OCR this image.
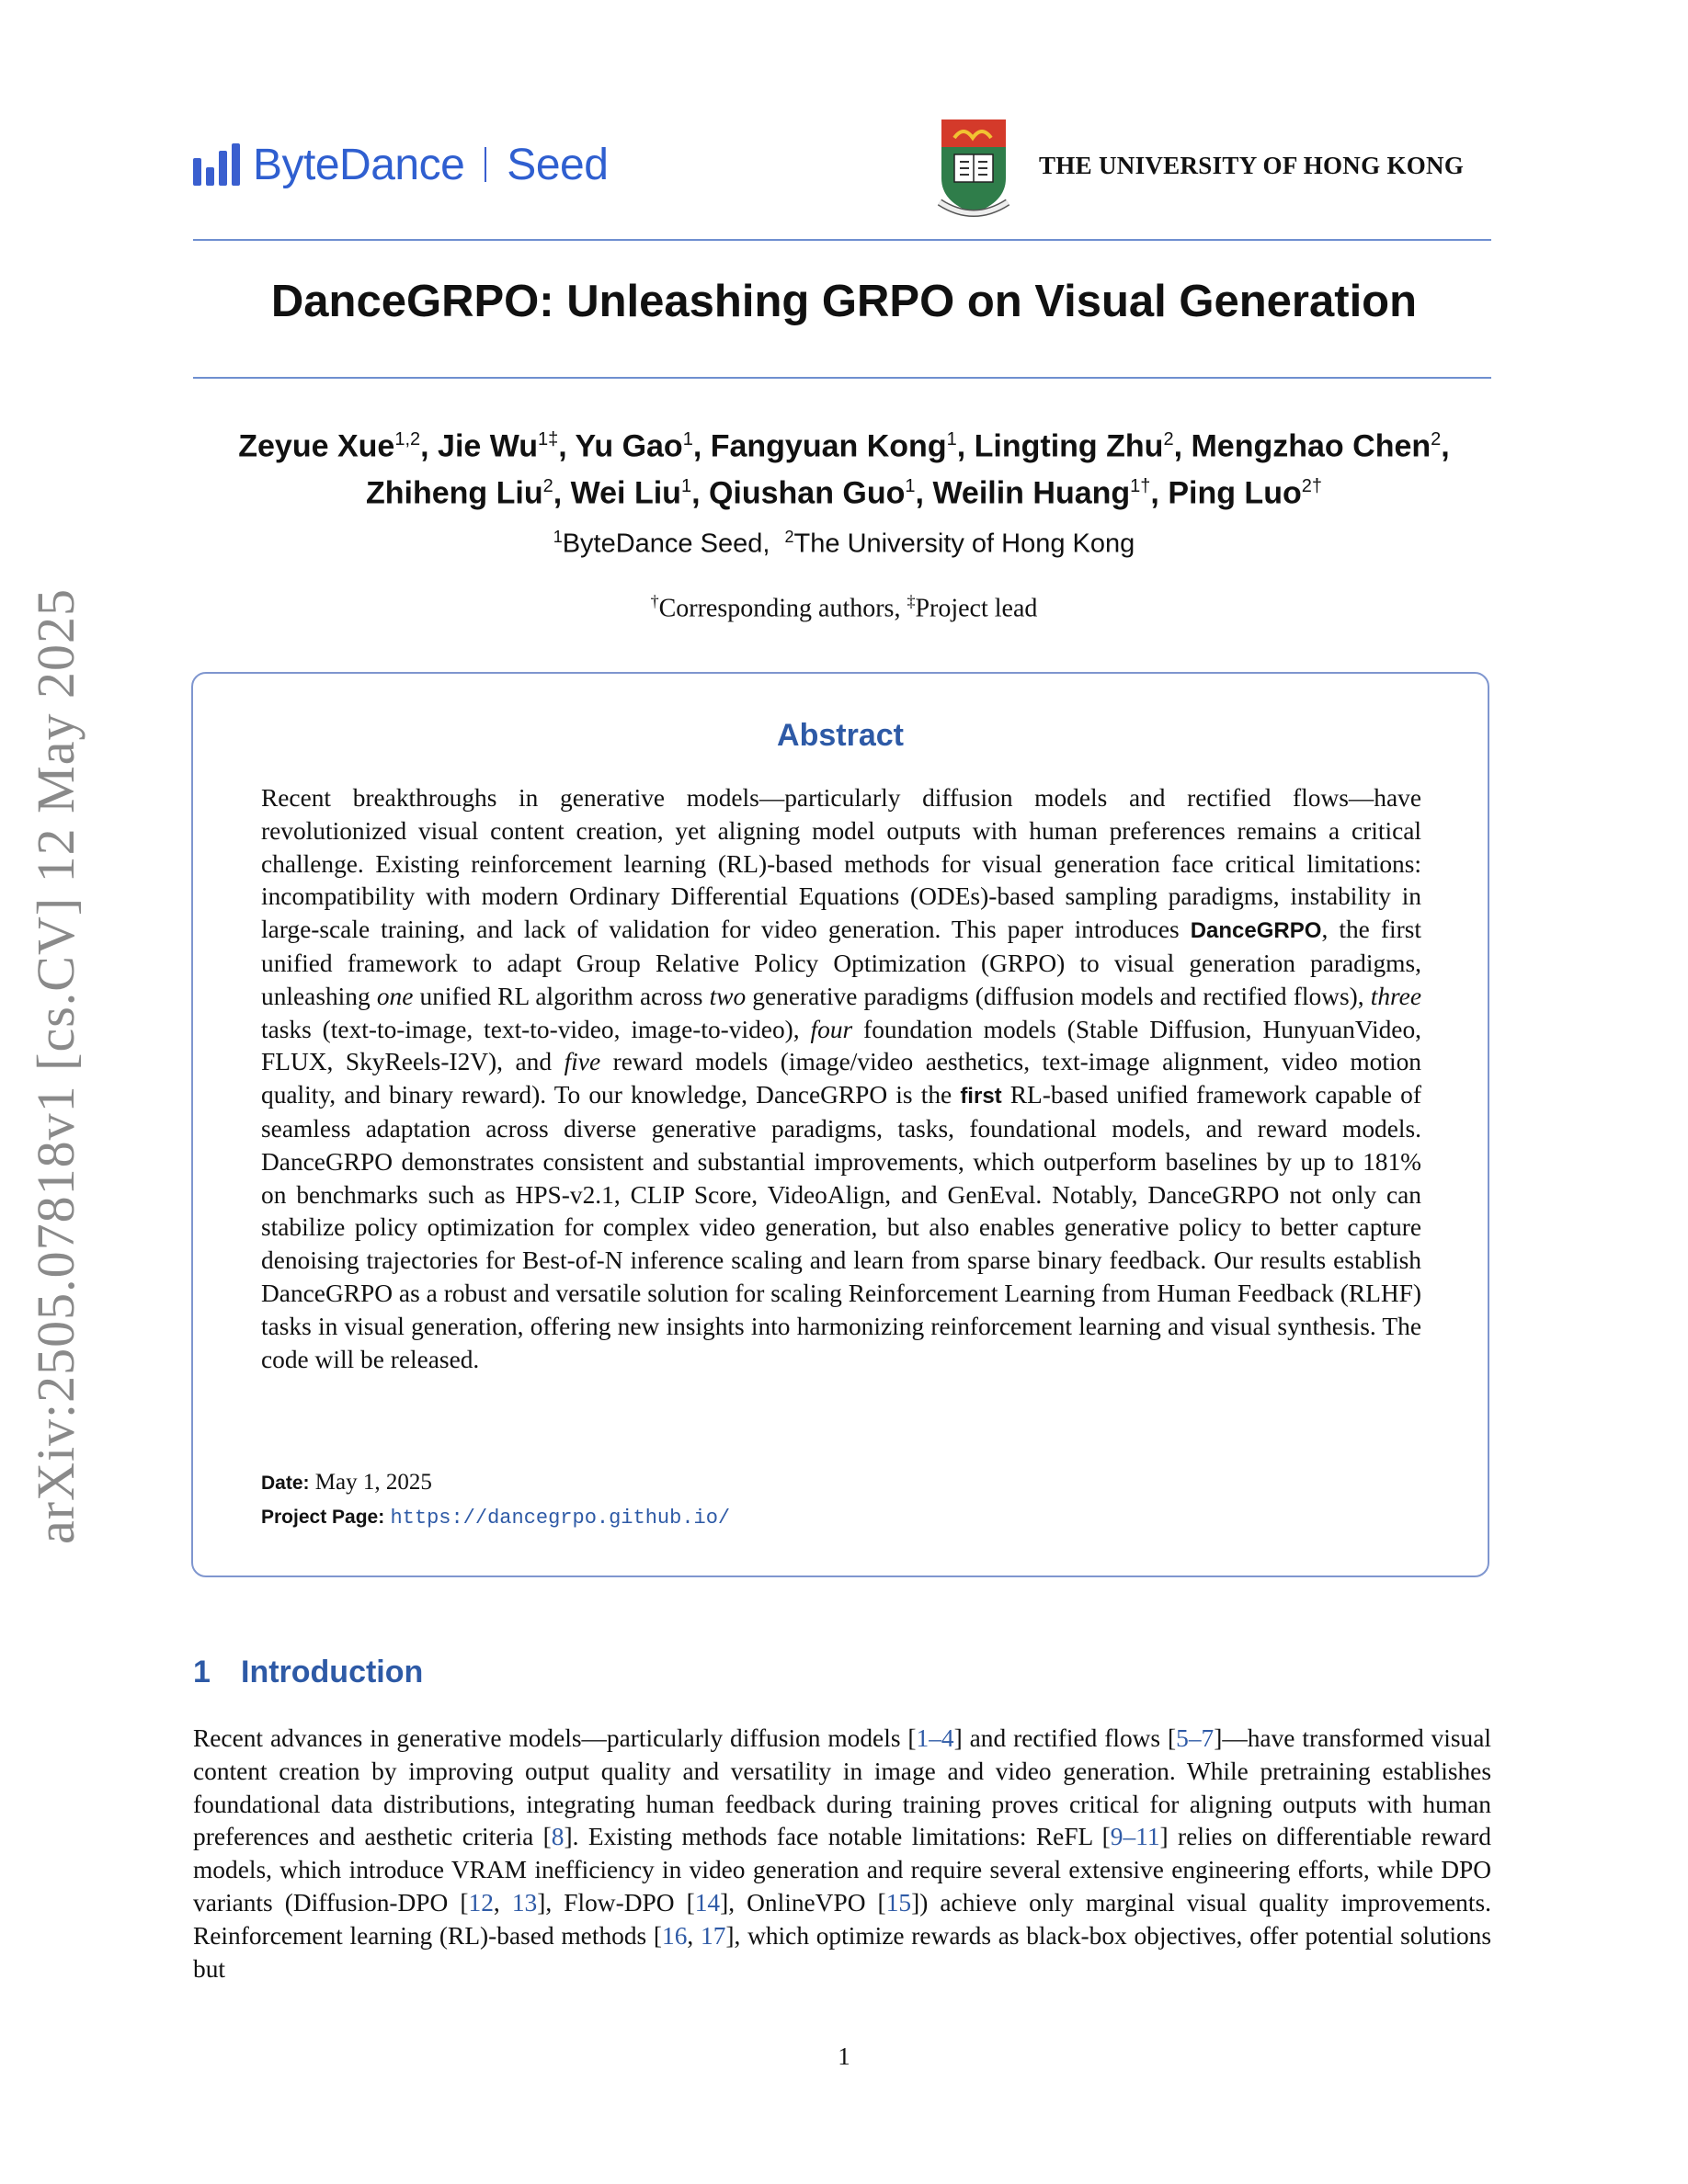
ByteDance Seed	THE UNIVERSITY OF HONG KONG
DanceGRPO: Unleashing GRPO on Visual Generation
Zeyue Xue$^{1,2}$, Jie $Wu^{1\ddagger}$, Yu Gao$^1$, Fangyuan Kong$^1$, Lingting Zhu$^2$, Mengzhao Chen$^2$,
Zhiheng Liu$^2$, Wei Liu$^1$, Qiushan Guo$^1$, Weilin Huang$^{1\dagger}$, Ping Luo$^{2\dagger}$
$^1$ByteDance Seed,  $^2$The University of Hong Kong
†Corresponding authors, ‡Project lead
Abstract
Recent breakthroughs in generative models—particularly diffusion models and rectified flows—have revolutionized visual content creation, yet aligning model outputs with human preferences remains a critical challenge. Existing reinforcement learning (RL)-based methods for visual generation face critical limitations: incompatibility with modern Ordinary Differential Equations (ODEs)-based sampling paradigms, instability in large-scale training, and lack of validation for video generation. This paper introduces DanceGRPO, the first unified framework to adapt Group Relative Policy Optimization (GRPO) to visual generation paradigms, unleashing one unified RL algorithm across two generative paradigms (diffusion models and rectified flows), three tasks (text-to-image, text-to-video, image-to-video), four foundation models (Stable Diffusion, HunyuanVideo, FLUX, SkyReels-I2V), and five reward models (image/video aesthetics, text-image alignment, video motion quality, and binary reward). To our knowledge, DanceGRPO is the first RL-based unified framework capable of seamless adaptation across diverse generative paradigms, tasks, foundational models, and reward models. DanceGRPO demonstrates consistent and substantial improvements, which outperform baselines by up to 181% on benchmarks such as HPS-v2.1, CLIP Score, VideoAlign, and GenEval. Notably, DanceGRPO not only can stabilize policy optimization for complex video generation, but also enables generative policy to better capture denoising trajectories for Best-of-N inference scaling and learn from sparse binary feedback. Our results establish DanceGRPO as a robust and versatile solution for scaling Reinforcement Learning from Human Feedback (RLHF) tasks in visual generation, offering new insights into harmonizing reinforcement learning and visual synthesis. The code will be released.
Date: May 1, 2025
Project Page: https://dancegrpo.github.io/
arXiv:2505.07818v1 [cs.CV] 12 May 2025
1 Introduction
Recent advances in generative models—particularly diffusion models [1–4] and rectified flows [5–7]—have transformed visual content creation by improving output quality and versatility in image and video generation. While pretraining establishes foundational data distributions, integrating human feedback during training proves critical for aligning outputs with human preferences and aesthetic criteria [8]. Existing methods face notable limitations: ReFL [9–11] relies on differentiable reward models, which introduce VRAM inefficiency in video generation and require several extensive engineering efforts, while DPO variants (Diffusion-DPO [12, 13], Flow-DPO [14], OnlineVPO [15]) achieve only marginal visual quality improvements. Reinforcement learning (RL)-based methods [16, 17], which optimize rewards as black-box objectives, offer potential solutions but
1
